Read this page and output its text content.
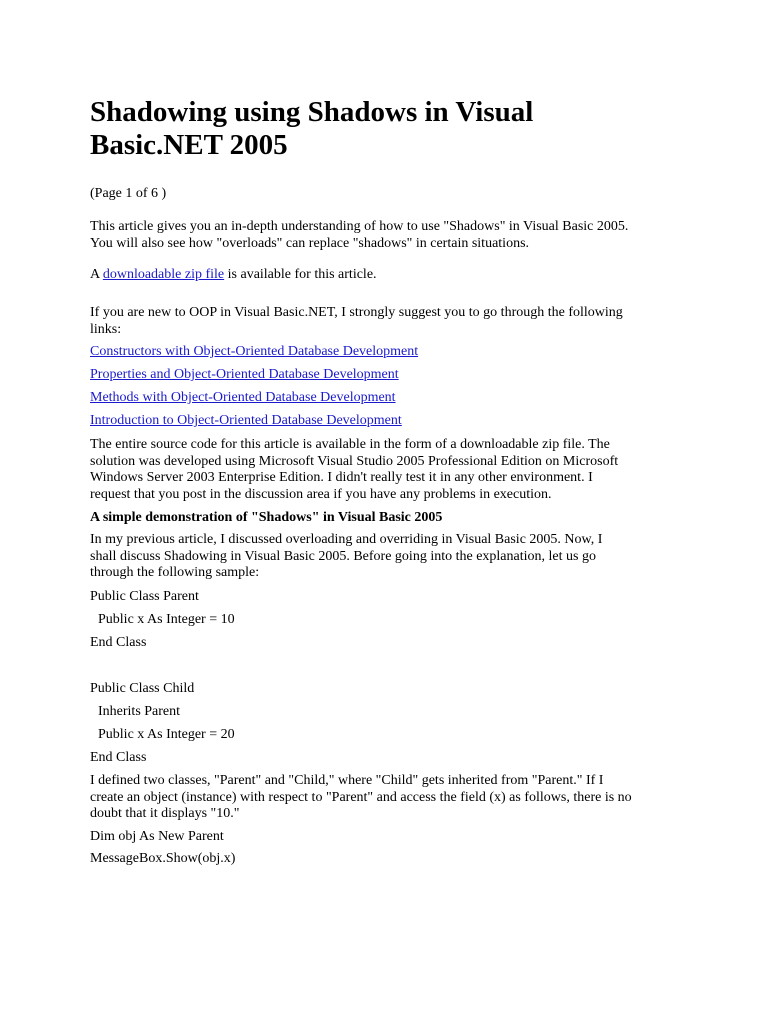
Shadowing using Shadows in Visual
Basic.NET 2005

(Page 1 of 6 )

This article gives you an in-depth understanding of how to use "Shadows" in Visual Basic 2005.
You will also see how "overloads" can replace "shadows" in certain situations.

A downloadable zip file is available for this article.

If you are new to OOP in Visual Basic.NET, I strongly suggest you to go through the following
links:

Constructors with Object-Oriented Database Development

Properties and Object-Oriented Database Development

Methods with Object-Oriented Database Development

Introduction to Object-Oriented Database Development

The entire source code for this article is available in the form of a downloadable zip file. The
solution was developed using Microsoft Visual Studio 2005 Professional Edition on Microsoft
Windows Server 2003 Enterprise Edition. I didn't really test it in any other environment. I
request that you post in the discussion area if you have any problems in execution.

A simple demonstration of "Shadows" in Visual Basic 2005

In my previous article, I discussed overloading and overriding in Visual Basic 2005. Now, I
shall discuss Shadowing in Visual Basic 2005. Before going into the explanation, let us go
through the following sample:

Public Class Parent

Public x As Integer = 10

End Class

Public Class Child

Inherits Parent

Public x As Integer = 20

End Class

I defined two classes, "Parent" and "Child," where "Child" gets inherited from "Parent." If I
create an object (instance) with respect to "Parent" and access the field (x) as follows, there is no
doubt that it displays "10."

Dim obj As New Parent

MessageBox.Show(obj.x)
